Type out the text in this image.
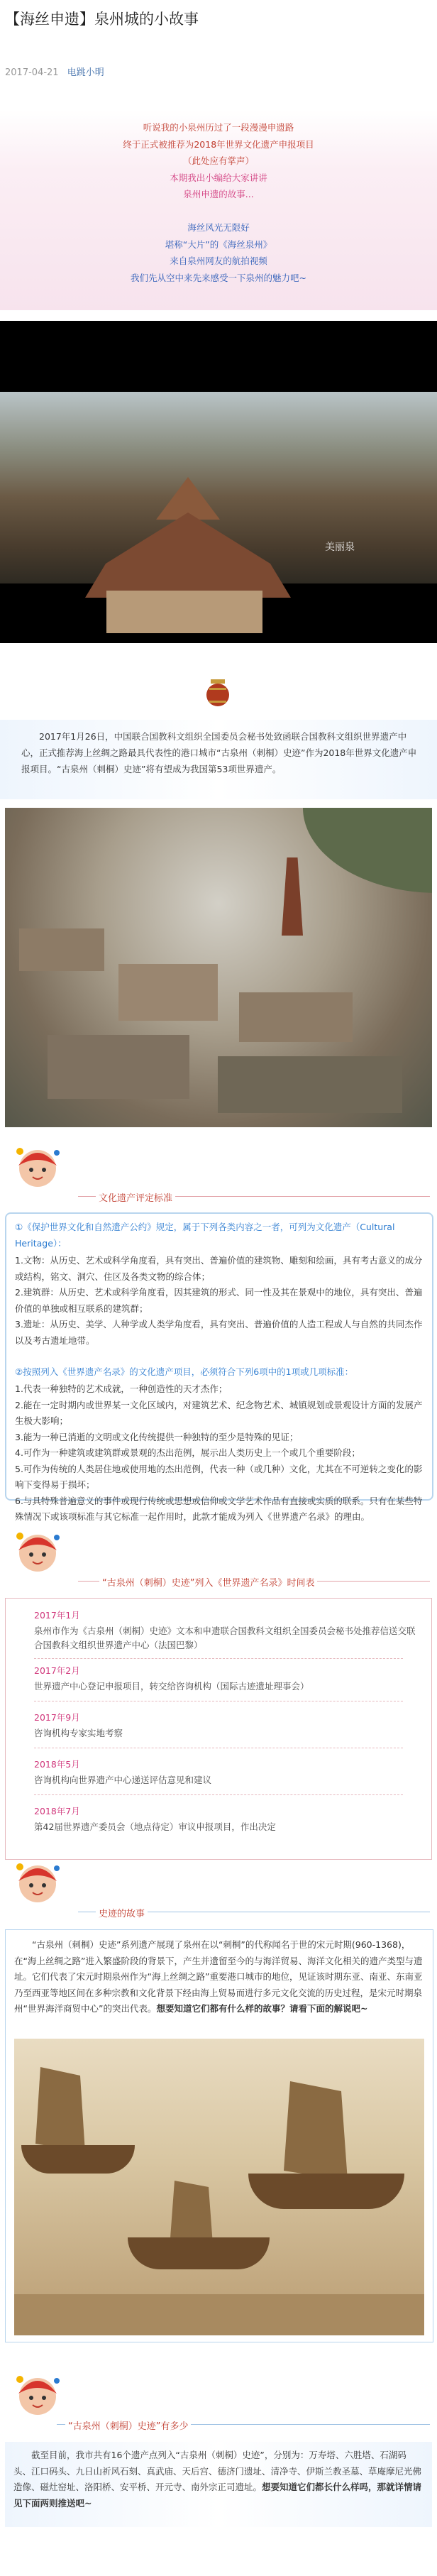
【海丝申遗】泉州城的小故事
2017-04-21 电跳小明
听说我的小泉州历过了一段漫漫申遗路
终于正式被推荐为2018年世界文化遗产申报项目
（此处应有掌声）
本期我出小编给大家讲讲
泉州申遗的故事...

海丝风光无限好
堪称“大片”的《海丝泉州》
来自泉州网友的航拍视频
我们先从空中来先来感受一下泉州的魅力吧~
美丽泉

2017年1月26日，中国联合国教科文组织全国委员会秘书处致函联合国教科文组织世界遗产中心，正式推荐海上丝绸之路最具代表性的港口城市“古泉州（刺桐）史迹”作为2018年世界文化遗产申报项目。“古泉州（刺桐）史迹”将有望成为我国第53项世界遗产。

文化遗产评定标准
①《保护世界文化和自然遗产公约》规定，属于下列各类内容之一者，可列为文化遗产（Cultural Heritage）：
1.文物：从历史、艺术或科学角度看，具有突出、普遍价值的建筑物、雕刻和绘画，具有考古意义的成分或结构，铭文、洞穴、住区及各类文物的综合体；
2.建筑群：从历史、艺术或科学角度看，因其建筑的形式、同一性及其在景观中的地位，具有突出、普遍价值的单独或相互联系的建筑群；
3.遗址：从历史、美学、人种学或人类学角度看，具有突出、普遍价值的人造工程或人与自然的共同杰作以及考古遗址地带。
②按照列入《世界遗产名录》的文化遗产项目，必须符合下列6项中的1项或几项标准：
1.代表一种独特的艺术成就，一种创造性的天才杰作；
2.能在一定时期内或世界某一文化区域内，对建筑艺术、纪念物艺术、城镇规划或景观设计方面的发展产生极大影响；
3.能为一种已消逝的文明或文化传统提供一种独特的至少是特殊的见证；
4.可作为一种建筑或建筑群或景观的杰出范例，展示出人类历史上一个或几个重要阶段；
5.可作为传统的人类居住地或使用地的杰出范例，代表一种（或几种）文化，尤其在不可逆转之变化的影响下变得易于损坏；
6.与具特殊普遍意义的事件或现行传统或思想或信仰或文学艺术作品有直接或实质的联系。只有在某些特殊情况下或该项标准与其它标准一起作用时，此款才能成为列入《世界遗产名录》的理由。
“古泉州（刺桐）史迹”列入《世界遗产名录》时间表
2017年1月
泉州市作为《古泉州（刺桐）史迹》文本和申遗联合国教科文组织全国委员会秘书处推荐信送交联合国教科文组织世界遗产中心（法国巴黎）
2017年2月
世界遗产中心登记申报项目，转交给咨询机构（国际古迹遗址理事会）
2017年9月
咨询机构专家实地考察
2018年5月
咨询机构向世界遗产中心递送评估意见和建议
2018年7月
第42届世界遗产委员会（地点待定）审议申报项目，作出决定
史迹的故事

“古泉州（刺桐）史迹”系列遗产展现了泉州在以“刺桐”的代称闻名于世的宋元时期(960-1368)，在“海上丝绸之路”进入繁盛阶段的背景下，产生并遗留至今的与海洋贸易、海洋文化相关的遗产类型与遗址。它们代表了宋元时期泉州作为“海上丝绸之路”重要港口城市的地位，见证该时期东亚、南亚、东南亚乃至西亚等地区间在多种宗教和文化背景下经由海上贸易而进行多元文化交流的历史过程，是宋元时期泉州“世界海洋商贸中心”的突出代表。想要知道它们都有什么样的故事？请看下面的解说吧~

“古泉州（刺桐）史迹”有多少

截至目前，我市共有16个遗产点列入“古泉州（刺桐）史迹”，分别为：万寿塔、六胜塔、石湖码头、江口码头、九日山祈风石刻、真武庙、天后宫、德济门遗址、清净寺、伊斯兰教圣墓、草庵摩尼光佛造像、磁灶窑址、洛阳桥、安平桥、开元寺、南外宗正司遗址。想要知道它们都长什么样吗，那就详情请见下面两则推送吧~
